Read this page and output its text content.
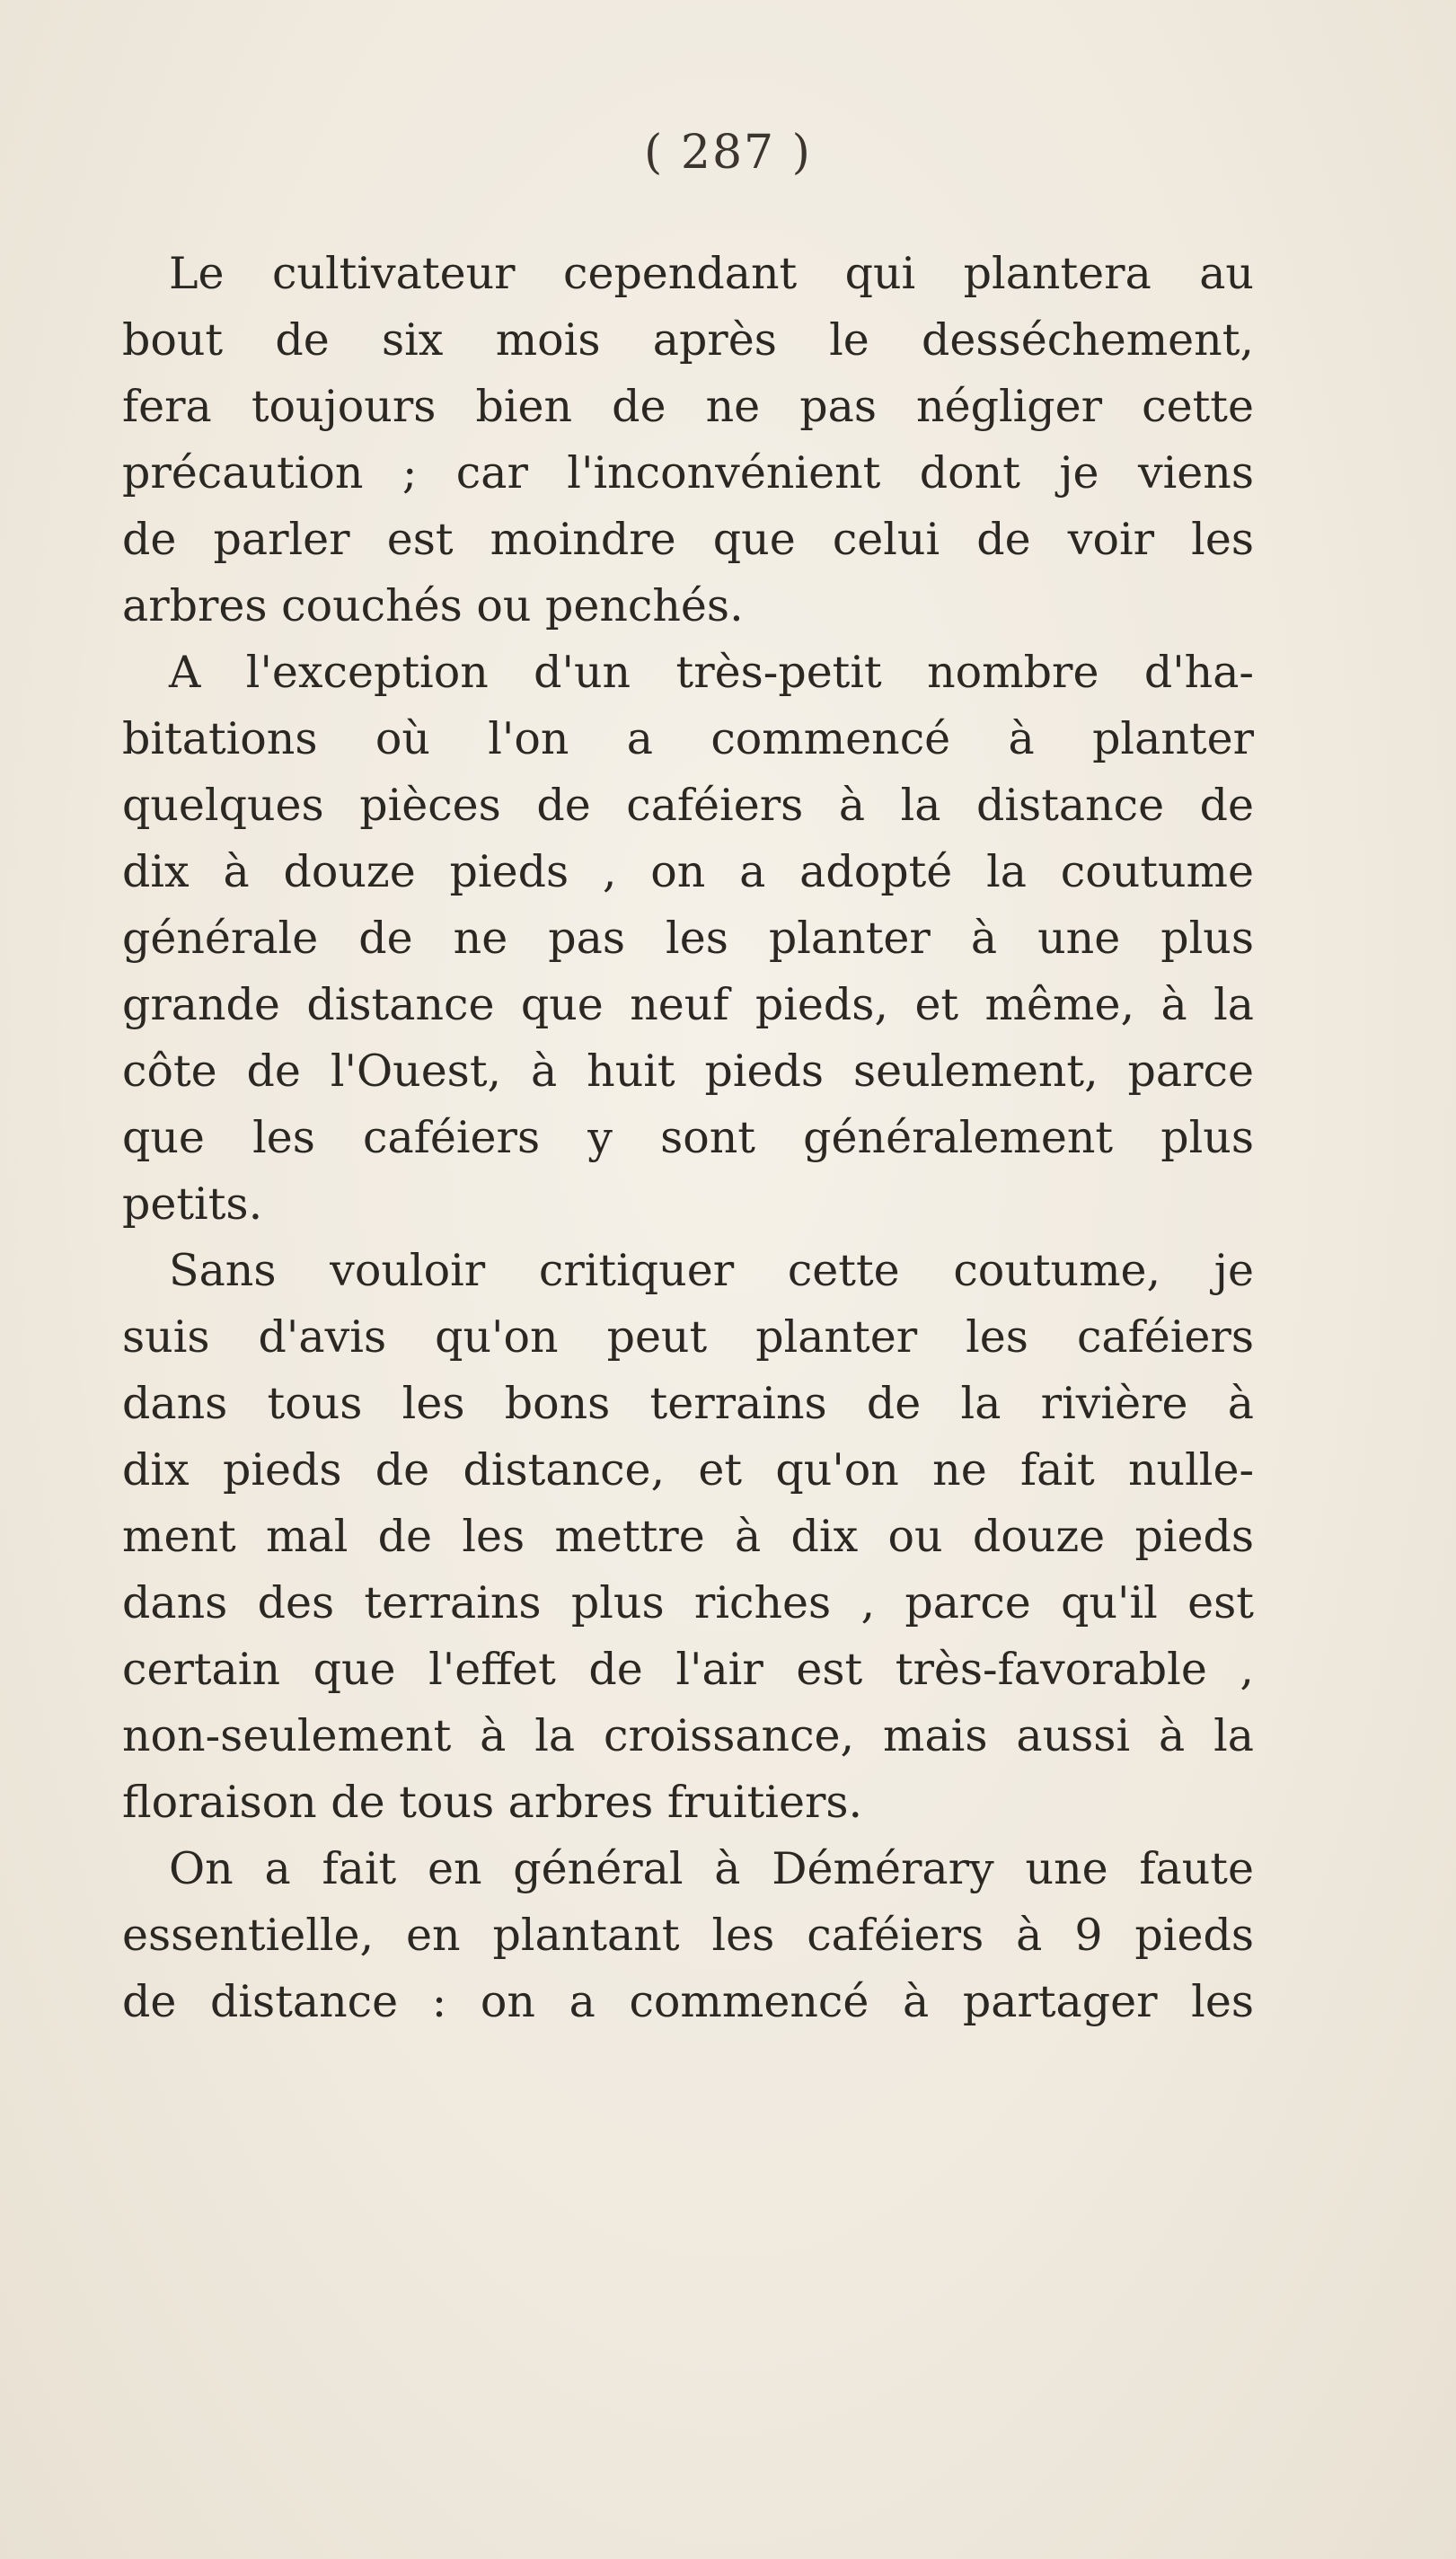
( 287 )
Le cultivateur cependant qui plantera au
bout de six mois après le desséchement,
fera toujours bien de ne pas négliger cette
précaution ; car l'inconvénient dont je viens
de parler est moindre que celui de voir les
arbres couchés ou penchés.
A l'exception d'un très-petit nombre d'ha-
bitations où l'on a commencé à planter
quelques pièces de caféiers à la distance de
dix à douze pieds , on a adopté la coutume
générale de ne pas les planter à une plus
grande distance que neuf pieds, et même, à la
côte de l'Ouest, à huit pieds seulement, parce
que les caféiers y sont généralement plus
petits.
Sans vouloir critiquer cette coutume, je
suis d'avis qu'on peut planter les caféiers
dans tous les bons terrains de la rivière à
dix pieds de distance, et qu'on ne fait nulle-
ment mal de les mettre à dix ou douze pieds
dans des terrains plus riches , parce qu'il est
certain que l'effet de l'air est très-favorable ,
non-seulement à la croissance, mais aussi à la
floraison de tous arbres fruitiers.
On a fait en général à Démérary une faute
essentielle, en plantant les caféiers à 9 pieds
de distance : on a commencé à partager les
